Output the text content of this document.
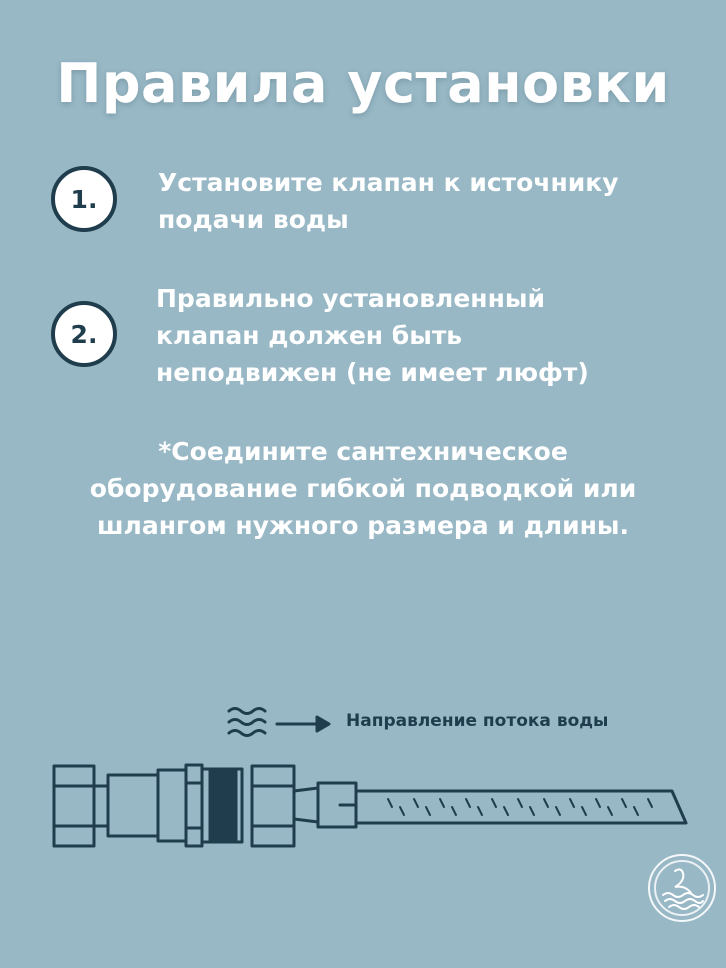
Правила установки
1.
Установите клапан к источнику
подачи воды
2.
Правильно установленный
клапан должен быть
неподвижен (не имеет люфт)
*Соедините сантехническое
оборудование гибкой подводкой или
шлангом нужного размера и длины.
Направление потока воды
